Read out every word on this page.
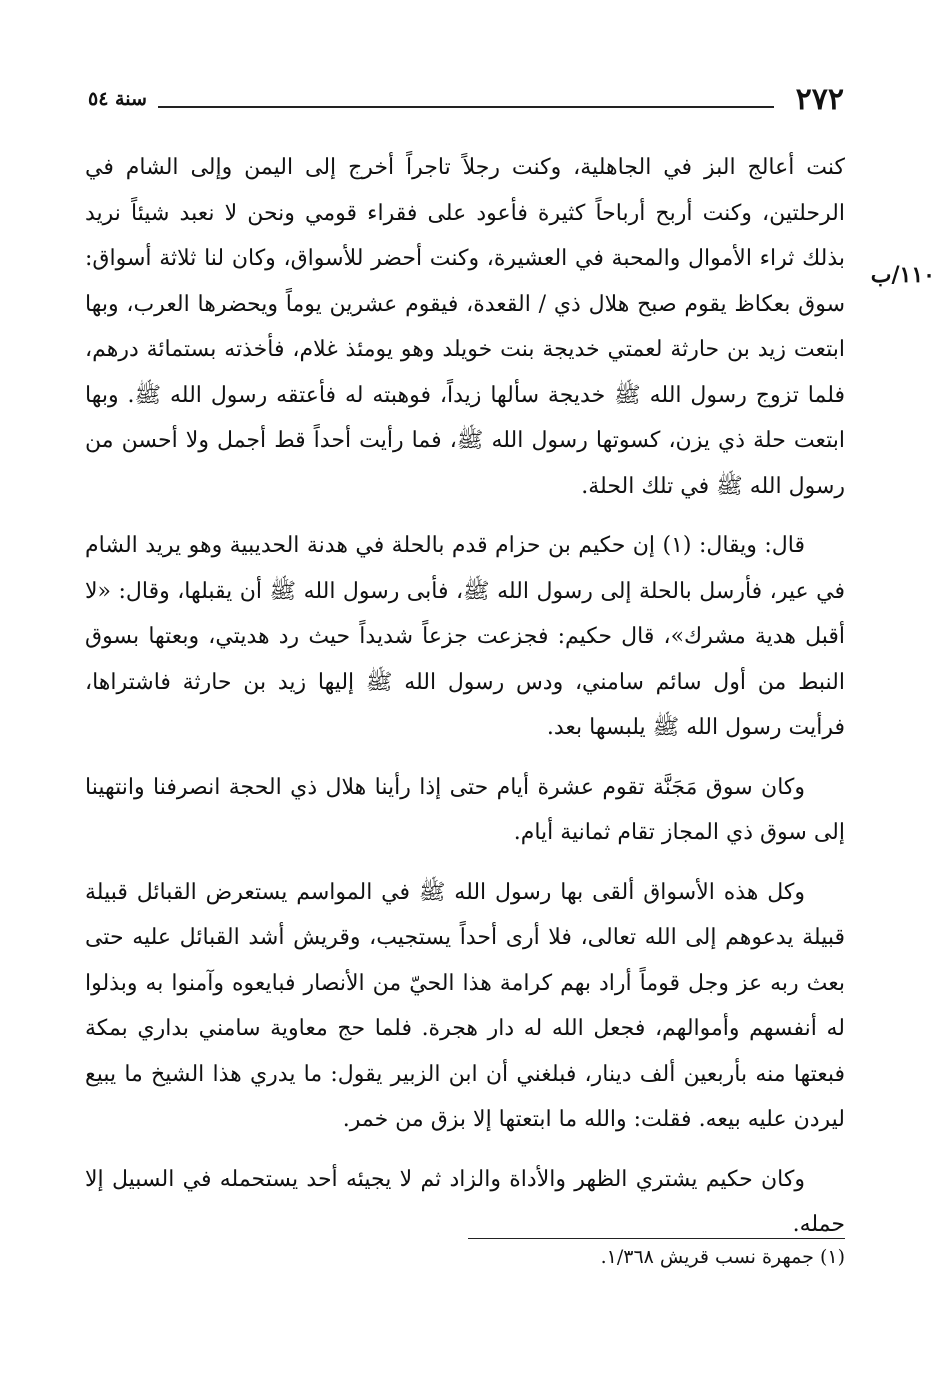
٢٧٢
سنة ٥٤
١١٠/ب

كنت أعالج البز في الجاهلية، وكنت رجلاً تاجراً أخرج إلى اليمن وإلى الشام في الرحلتين، وكنت أربح أرباحاً كثيرة فأعود على فقراء قومي ونحن لا نعبد شيئاً نريد بذلك ثراء الأموال والمحبة في العشيرة، وكنت أحضر للأسواق، وكان لنا ثلاثة أسواق: سوق بعكاظ يقوم صبح هلال ذي / القعدة، فيقوم عشرين يوماً ويحضرها العرب، وبها ابتعت زيد بن حارثة لعمتي خديجة بنت خويلد وهو يومئذ غلام، فأخذته بستمائة درهم، فلما تزوج رسول الله ﷺ خديجة سألها زيداً، فوهبته له فأعتقه رسول الله ﷺ. وبها ابتعت حلة ذي يزن، كسوتها رسول الله ﷺ، فما رأيت أحداً قط أجمل ولا أحسن من رسول الله ﷺ في تلك الحلة.

قال: ويقال: (١) إن حكيم بن حزام قدم بالحلة في هدنة الحديبية وهو يريد الشام في عير، فأرسل بالحلة إلى رسول الله ﷺ، فأبى رسول الله ﷺ أن يقبلها، وقال: «لا أقبل هدية مشرك»، قال حكيم: فجزعت جزعاً شديداً حيث رد هديتي، وبعتها بسوق النبط من أول سائم سامني، ودس رسول الله ﷺ إليها زيد بن حارثة فاشتراها، فرأيت رسول الله ﷺ يلبسها بعد.

وكان سوق مَجَنَّة تقوم عشرة أيام حتى إذا رأينا هلال ذي الحجة انصرفنا وانتهينا إلى سوق ذي المجاز تقام ثمانية أيام.

وكل هذه الأسواق ألقى بها رسول الله ﷺ في المواسم يستعرض القبائل قبيلة قبيلة يدعوهم إلى الله تعالى، فلا أرى أحداً يستجيب، وقريش أشد القبائل عليه حتى بعث ربه عز وجل قوماً أراد بهم كرامة هذا الحيّ من الأنصار فبايعوه وآمنوا به وبذلوا له أنفسهم وأموالهم، فجعل الله له دار هجرة. فلما حج معاوية سامني بداري بمكة فبعتها منه بأربعين ألف دينار، فبلغني أن ابن الزبير يقول: ما يدري هذا الشيخ ما يبيع ليردن عليه بيعه. فقلت: والله ما ابتعتها إلا بزق من خمر.

وكان حكيم يشتري الظهر والأداة والزاد ثم لا يجيئه أحد يستحمله في السبيل إلا حمله.

(١) جمهرة نسب قريش ١/٣٦٨.
